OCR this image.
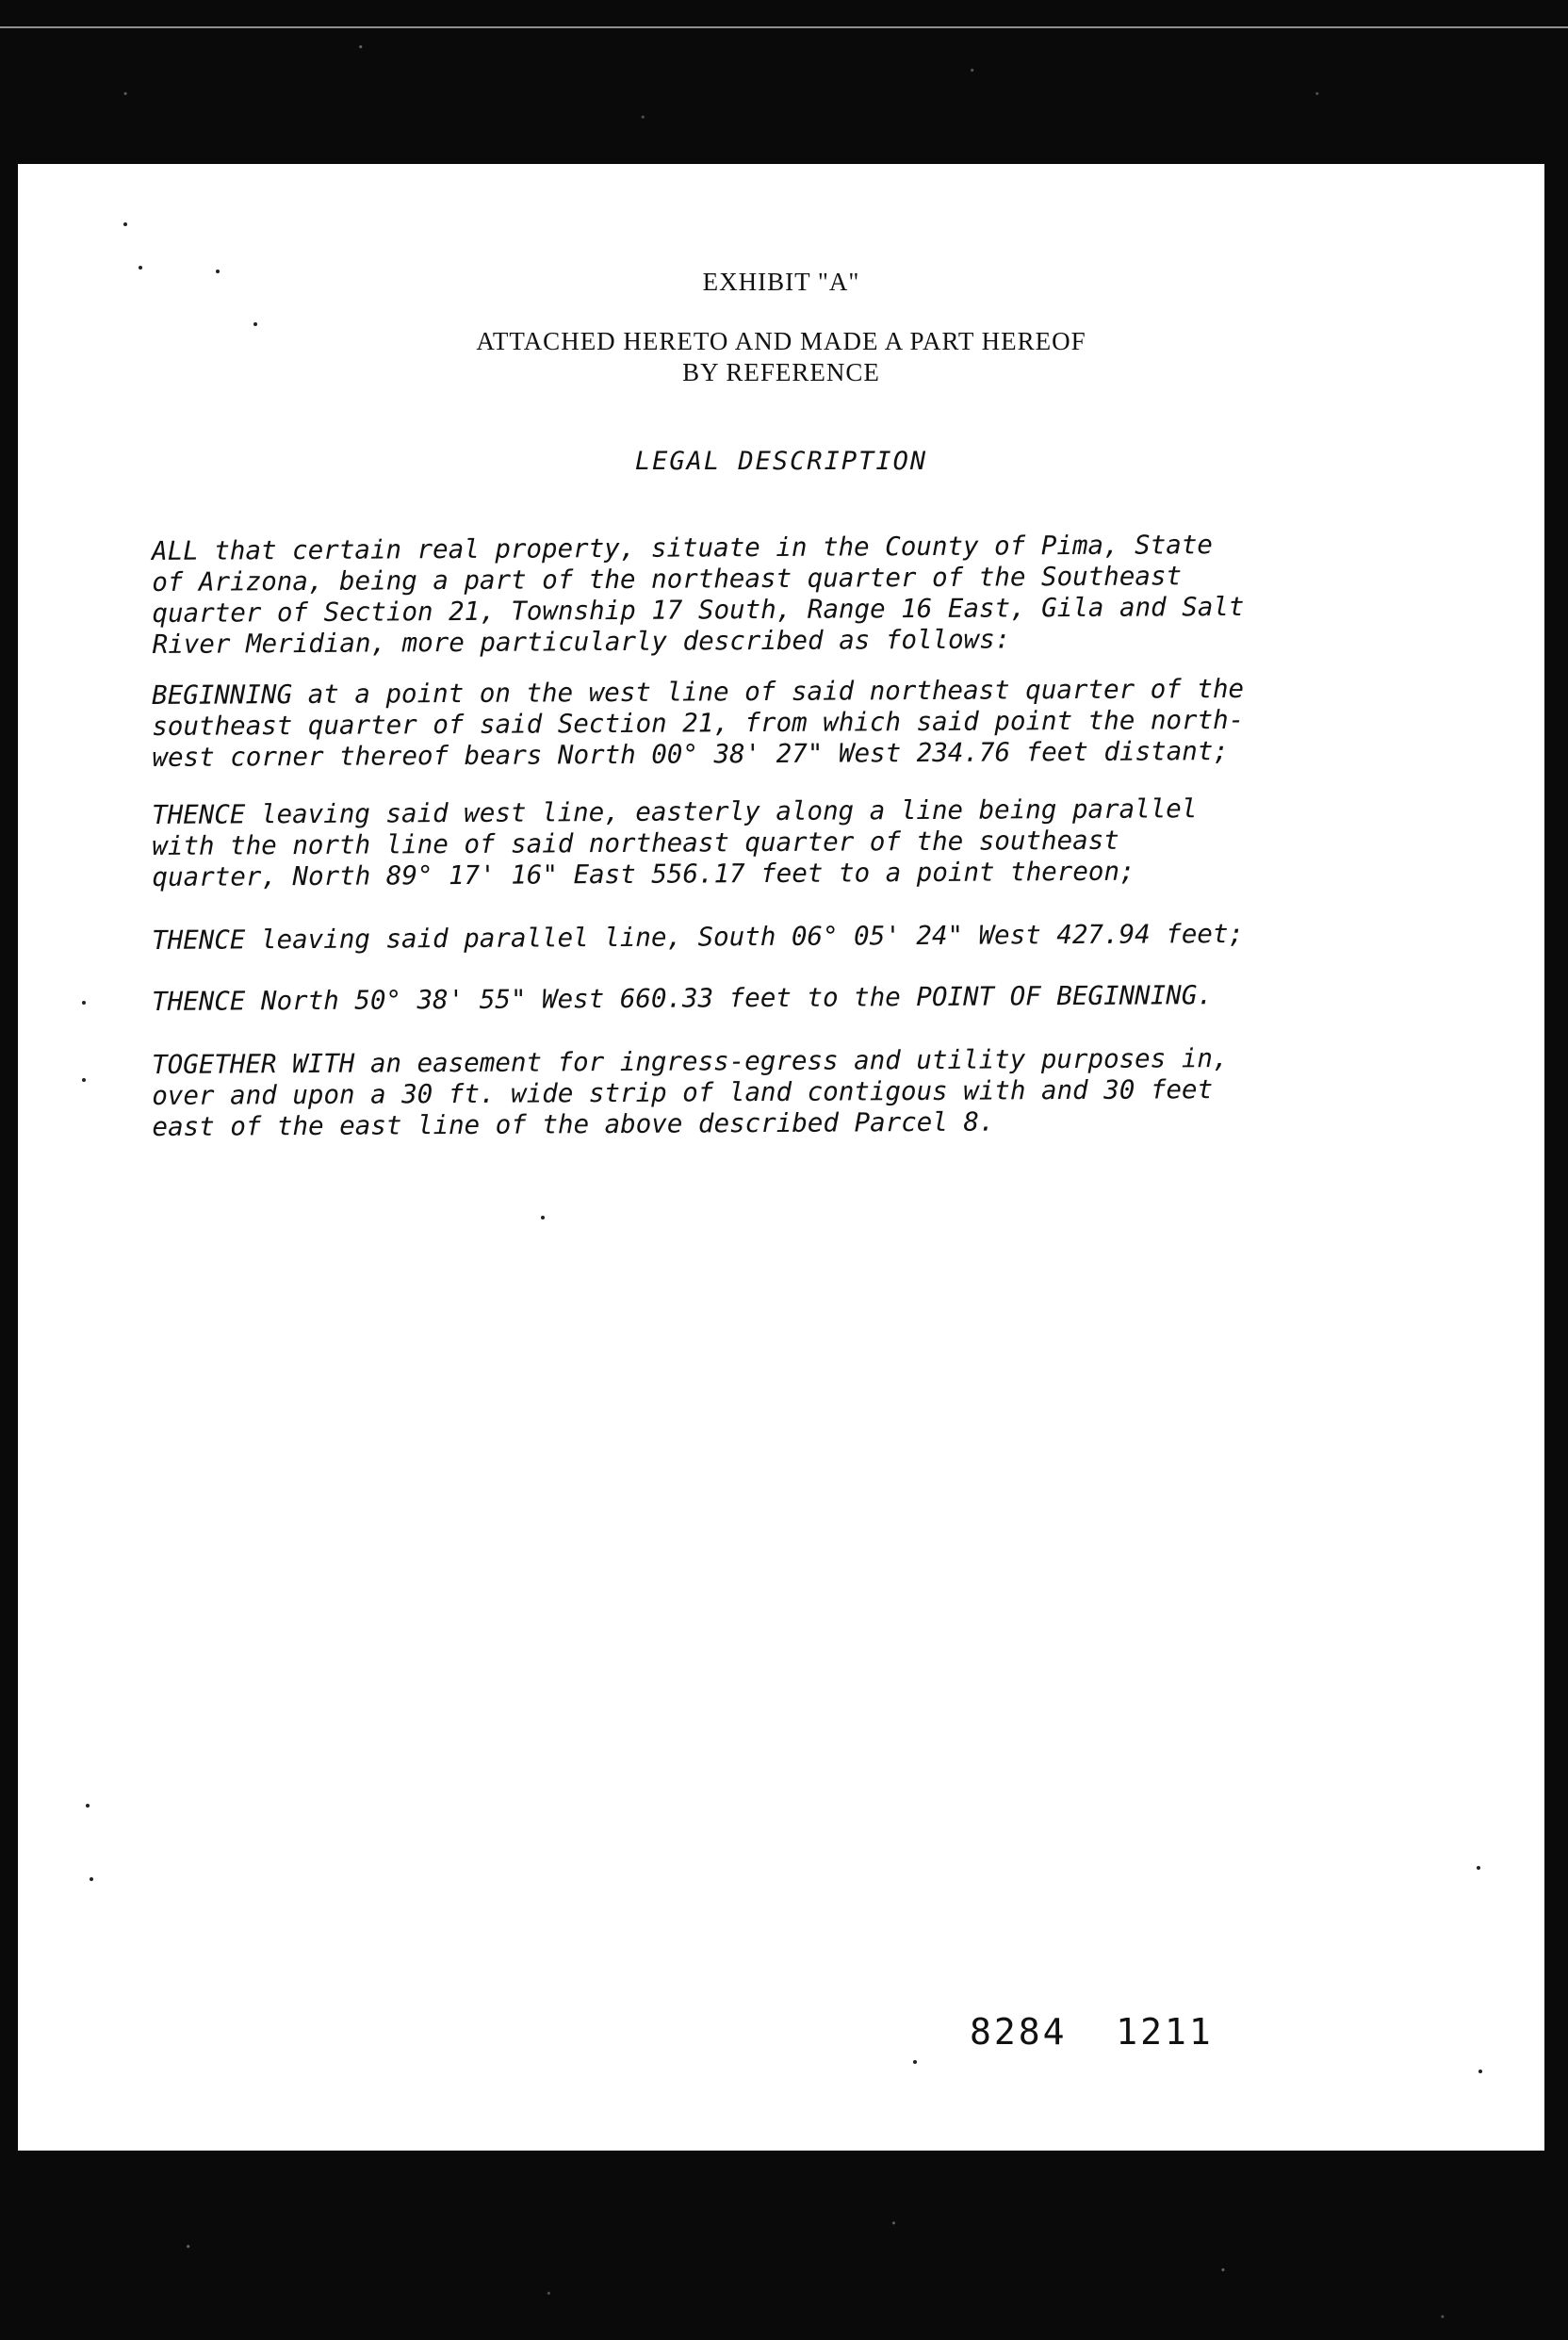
EXHIBIT "A"
ATTACHED HERETO AND MADE A PART HEREOF
BY REFERENCE
LEGAL DESCRIPTION
ALL that certain real property, situate in the County of Pima, State
of Arizona, being a part of the northeast quarter of the Southeast
quarter of Section 21, Township 17 South, Range 16 East, Gila and Salt
River Meridian, more particularly described as follows:
BEGINNING at a point on the west line of said northeast quarter of the
southeast quarter of said Section 21, from which said point the north-
west corner thereof bears North 00° 38' 27" West 234.76 feet distant;
THENCE leaving said west line, easterly along a line being parallel
with the north line of said northeast quarter of the southeast
quarter, North 89° 17' 16" East 556.17 feet to a point thereon;
THENCE leaving said parallel line, South 06° 05' 24" West 427.94 feet;
THENCE North 50° 38' 55" West 660.33 feet to the POINT OF BEGINNING.
TOGETHER WITH an easement for ingress-egress and utility purposes in,
over and upon a 30 ft. wide strip of land contigous with and 30 feet
east of the east line of the above described Parcel 8.
8284  1211
